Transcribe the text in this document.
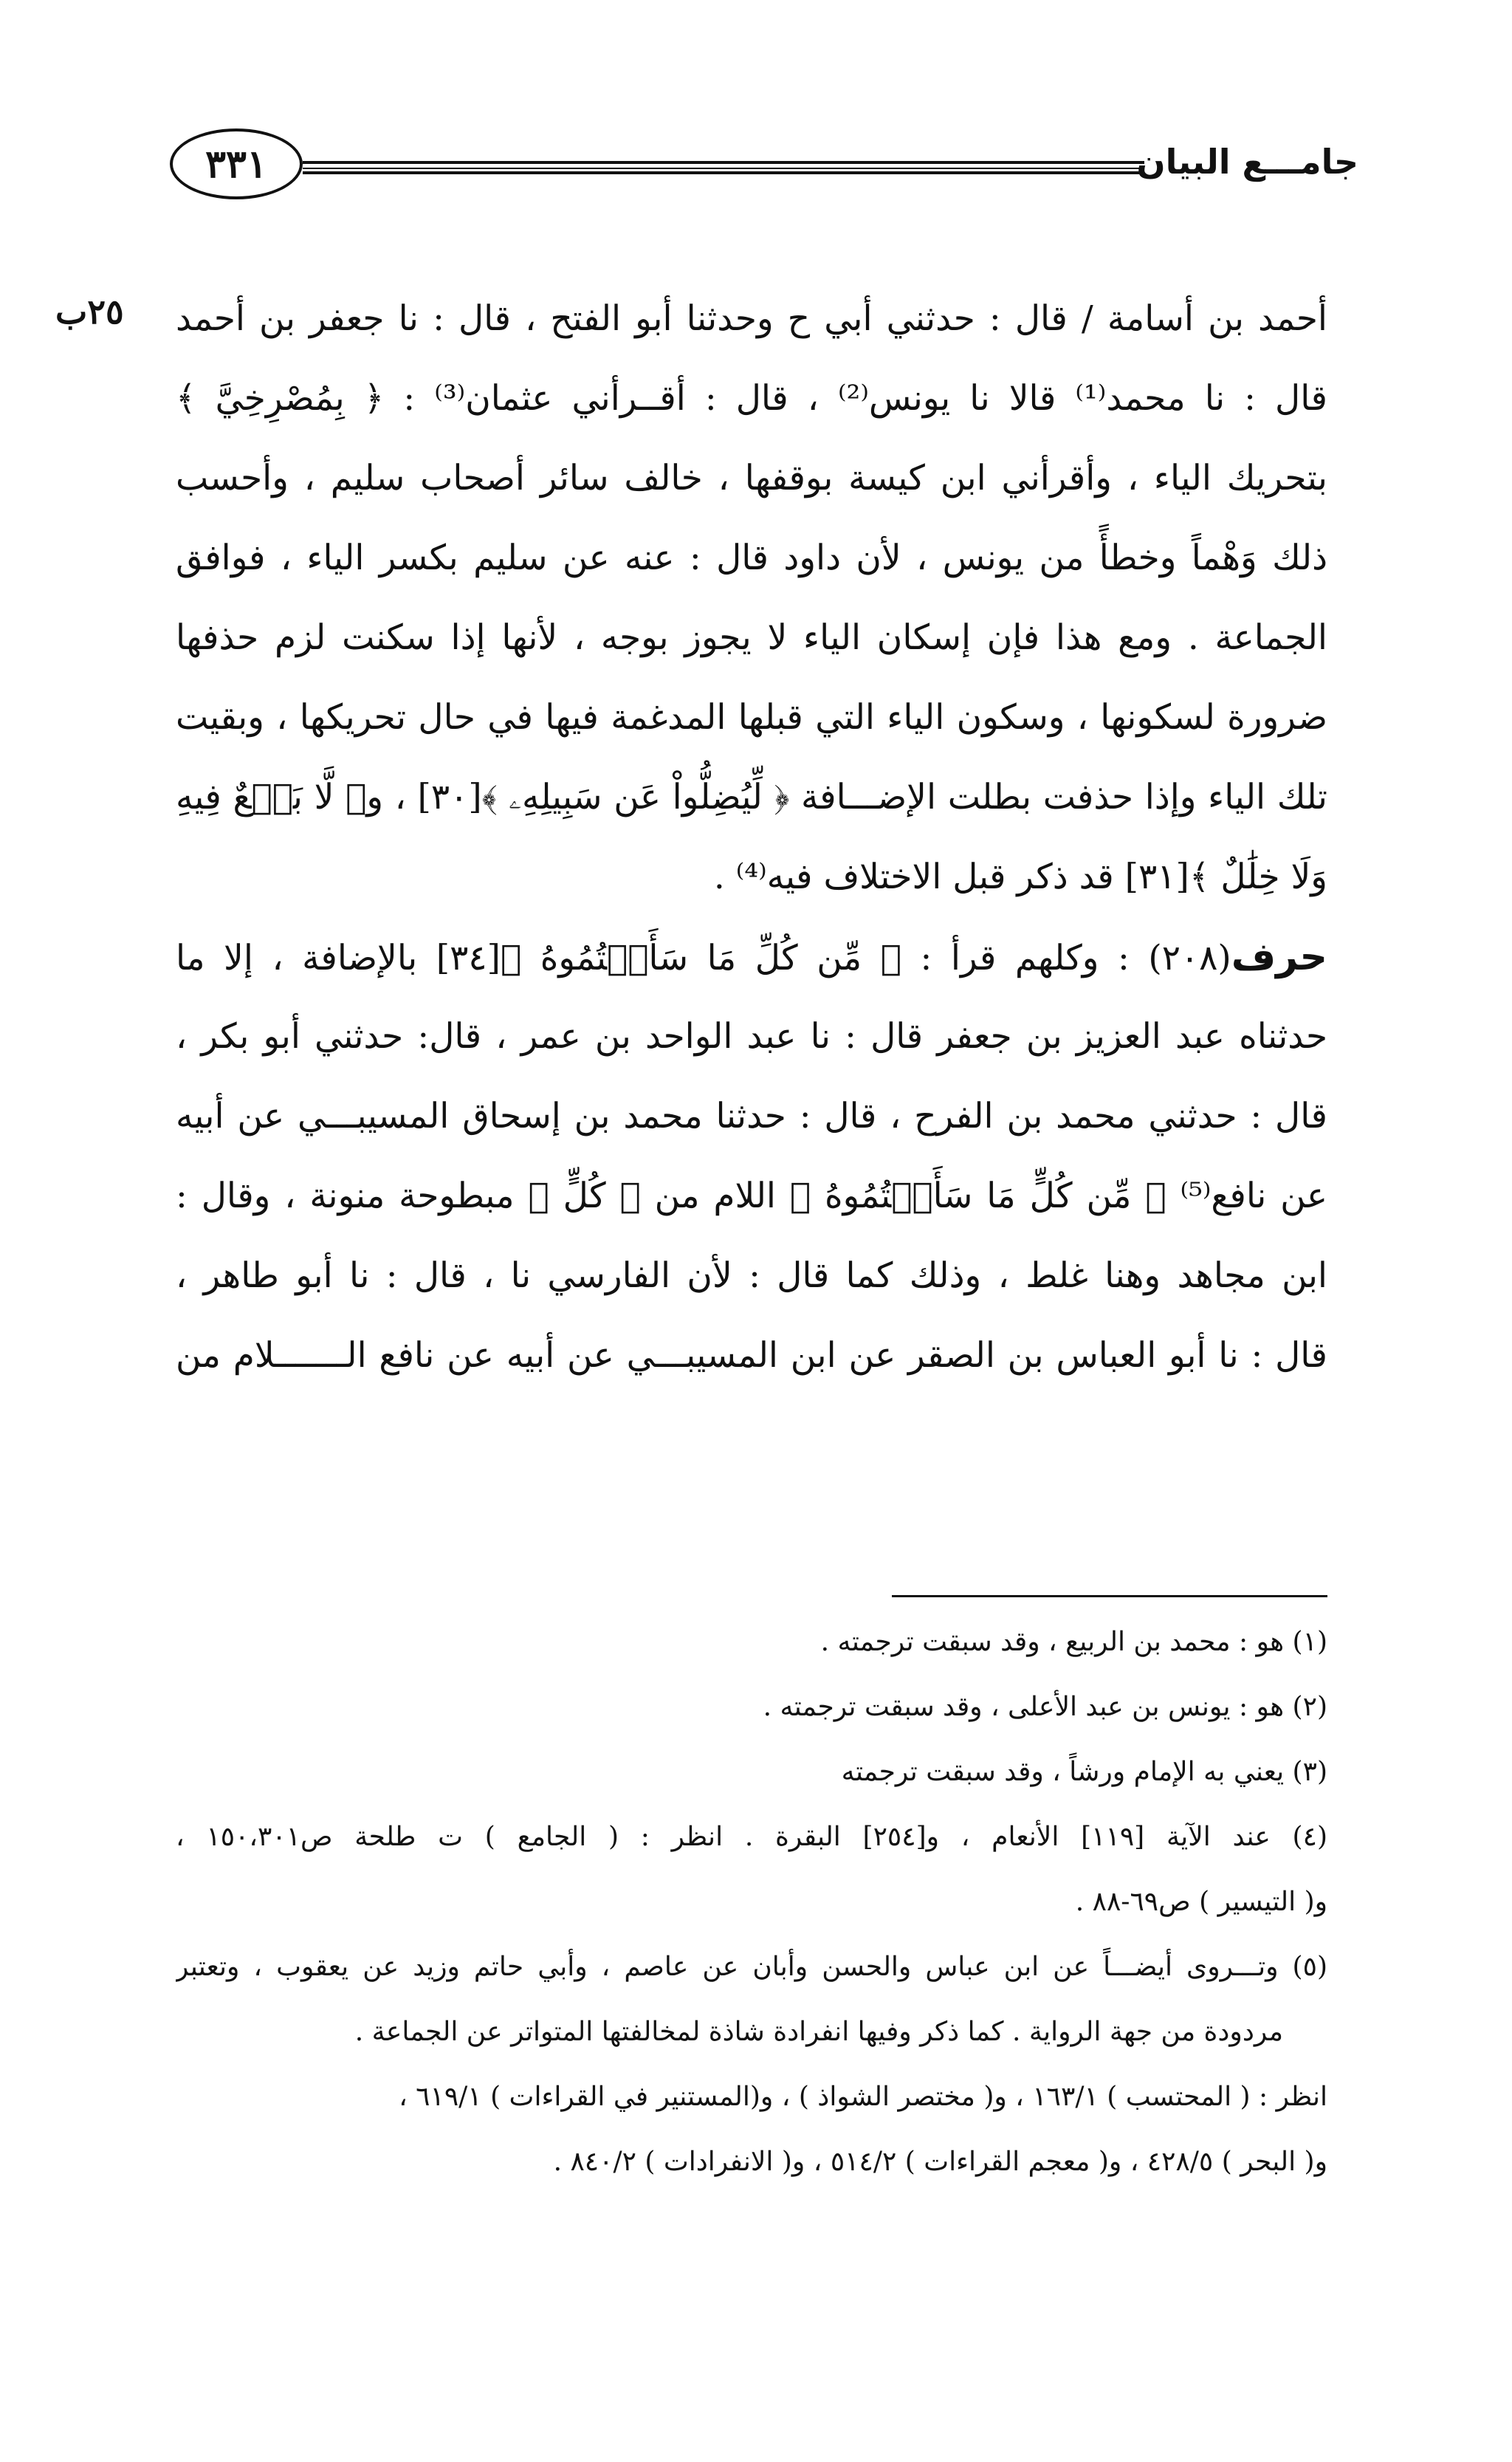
٣٣١	جامـــع البيان
٢٥ب أحمد بن أسامة / قال : حدثني أبي ح وحدثنا أبو الفتح ، قال : نا جعفر بن أحمد
قال : نا محمد⁽¹⁾ قالا نا يونس⁽²⁾ ، قال : أقــرأني عثمان⁽³⁾ : ﴿ بِمُصْرِخِيَّ ﴾
بتحريك الياء ، وأقرأني ابن كيسة بوقفها ، خالف سائر أصحاب سليم ، وأحسب
ذلك وَهْماً وخطأً من يونس ، لأن داود قال : عنه عن سليم بكسر الياء ، فوافق
الجماعة . ومع هذا فإن إسكان الياء لا يجوز بوجه ، لأنها إذا سكنت لزم حذفها
ضرورة لسكونها ، وسكون الياء التي قبلها المدغمة فيها في حال تحريكها ، وبقيت
تلك الياء وإذا حذفت بطلت الإضـــافة ﴿ لِّيُضِلُّواْ عَن سَبِيلِهِۦ ﴾[٣٠] ، و﴿ لَّا بَيۡعٌ فِيهِ
وَلَا خِلَٰلٌ ﴾[٣١] قد ذكر قبل الاختلاف فيه⁽⁴⁾ .
حرف(٢٠٨) : وكلهم قرأ : ﴿ مِّن كُلِّ مَا سَأَلۡتُمُوهُ ﴾[٣٤] بالإضافة ، إلا ما
حدثناه عبد العزيز بن جعفر قال : نا عبد الواحد بن عمر ، قال: حدثني أبو بكر ،
قال : حدثني محمد بن الفرح ، قال : حدثنا محمد بن إسحاق المسيبـــي عن أبيه
عن نافع⁽⁵⁾ ﴿ مِّن كُلٍّ مَا سَأَلۡتُمُوهُ ﴾ اللام من ﴿ كُلٍّ ﴾ مبطوحة منونة ، وقال :
ابن مجاهد وهنا غلط ، وذلك كما قال : لأن الفارسي نا ، قال : نا أبو طاهر ،
قال : نا أبو العباس بن الصقر عن ابن المسيبـــي عن أبيه عن نافع الـــــــلام من
(١) هو : محمد بن الربيع ، وقد سبقت ترجمته .
(٢) هو : يونس بن عبد الأعلى ، وقد سبقت ترجمته .
(٣) يعني به الإمام ورشاً ، وقد سبقت ترجمته
(٤) عند الآية [١١٩] الأنعام ، و[٢٥٤] البقرة . انظر : ( الجامع ) ت طلحة ص١٥٠،٣٠١ ،
و( التيسير ) ص٦٩-٨٨ .
(٥) وتـــروى أيضـــاً عن ابن عباس والحسن وأبان عن عاصم ، وأبي حاتم وزيد عن يعقوب ، وتعتبر
مردودة من جهة الرواية . كما ذكر وفيها انفرادة شاذة لمخالفتها المتواتر عن الجماعة .
انظر : ( المحتسب ) ١٦٣/١ ، و( مختصر الشواذ ) ، و(المستنير في القراءات ) ٦١٩/١ ،
و( البحر ) ٤٢٨/٥ ، و( معجم القراءات ) ٥١٤/٢ ، و( الانفرادات ) ٨٤٠/٢ .
